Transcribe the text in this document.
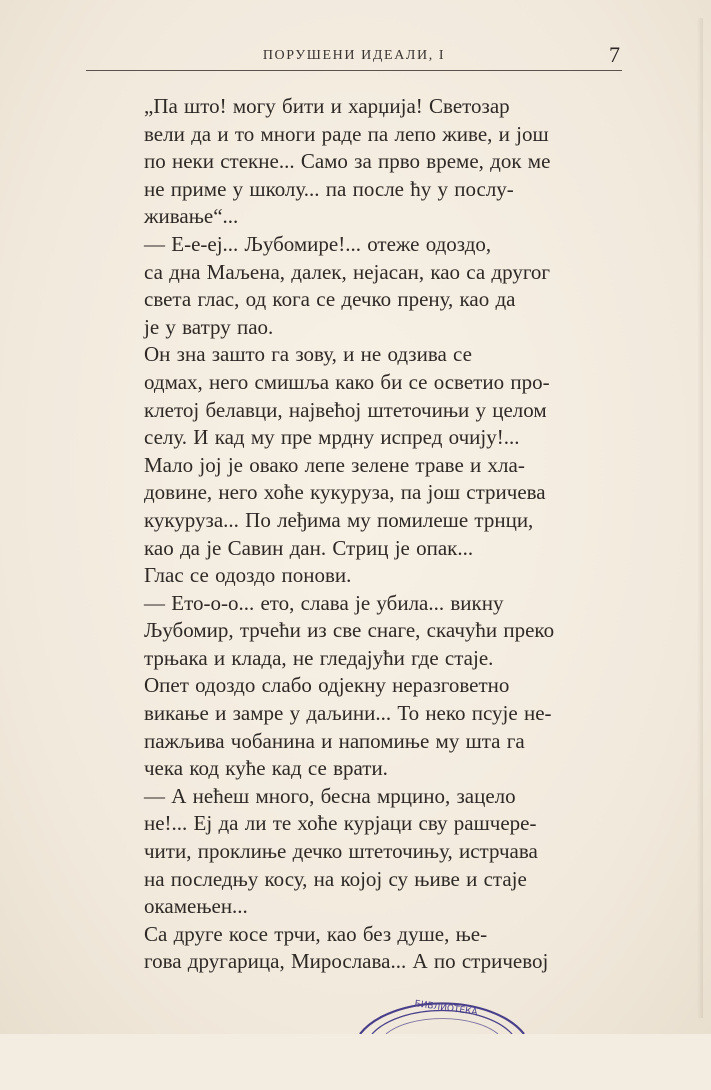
ПОРУШЕНИ ИДЕАЛИ, I	7

„Па што! могу бити и харџија! Светозар
вели да и то многи раде па лепо живе, и још
по неки стекне... Само за прво време, док ме
не приме у школу... па после ћу у послу-
живање“...

— Е-е-еј... Љубомире!... отеже одоздо,
са дна Маљена, далек, нејасан, као са другог
света глас, од кога се дечко прену, као да
је у ватру пао.

Он зна зашто га зову, и не одзива се
одмах, него смишља како би се осветио про-
клетој белавци, највећој штеточињи у целом
селу. И кад му пре мрдну испред очију!...
Мало јој је овако лепе зелене траве и хла-
довине, него хоће кукуруза, па још стричева
кукуруза... По леђима му помилеше трнци,
као да је Савин дан. Стриц је опак...

Глас се одоздо понови.

— Ето-о-о... ето, слава је убила... викну
Љубомир, трчећи из све снаге, скачући преко
трњака и клада, не гледајући где стаје.

Опет одоздо слабо одјекну неразговетно
викање и замре у даљини... То неко псује не-
пажљива чобанина и напомиње му шта га
чека код куће кад се врати.

— А нећеш много, бесна мрцино, зацело
не!... Еј да ли те хоће курјаци сву рашчере-
чити, проклиње дечко штеточињу, истрчава
на последњу косу, на којој су њиве и стаје
окамењен...

Са друге косе трчи, као без душе, ње-
гова другарица, Мирослава... А по стричевој

БИБЛИОТЕКА
